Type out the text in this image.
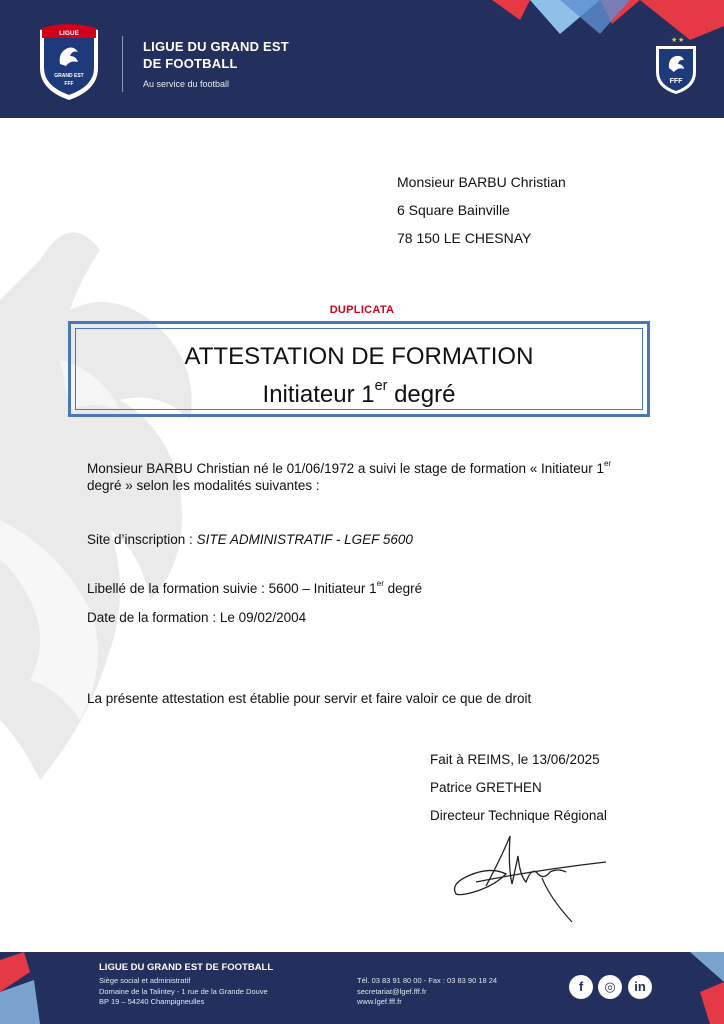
LIGUE
GRAND EST
FFF
LIGUE DU GRAND EST
DE FOOTBALL
Au service du football
★ ★
FFF
Monsieur BARBU Christian
6 Square Bainville
78 150 LE CHESNAY
DUPLICATA
ATTESTATION DE FORMATION
Initiateur 1er degré
Monsieur BARBU Christian né le 01/06/1972 a suivi le stage de formation « Initiateur 1er degré » selon les modalités suivantes :
Site d’inscription : SITE ADMINISTRATIF - LGEF 5600
Libellé de la formation suivie : 5600 – Initiateur 1er degré
Date de la formation : Le 09/02/2004
La présente attestation est établie pour servir et faire valoir ce que de droit
Fait à REIMS, le 13/06/2025
Patrice GRETHEN
Directeur Technique Régional
LIGUE DU GRAND EST DE FOOTBALL
Siège social et administratif
Domaine de la Talintey - 1 rue de la Grande Douve
BP 19 – 54240 Champigneulles
Tél. 03 83 91 80 00 - Fax : 03 83 90 18 24
secretariat@lgef.fff.fr
www.lgef.fff.fr
f	◎	in
